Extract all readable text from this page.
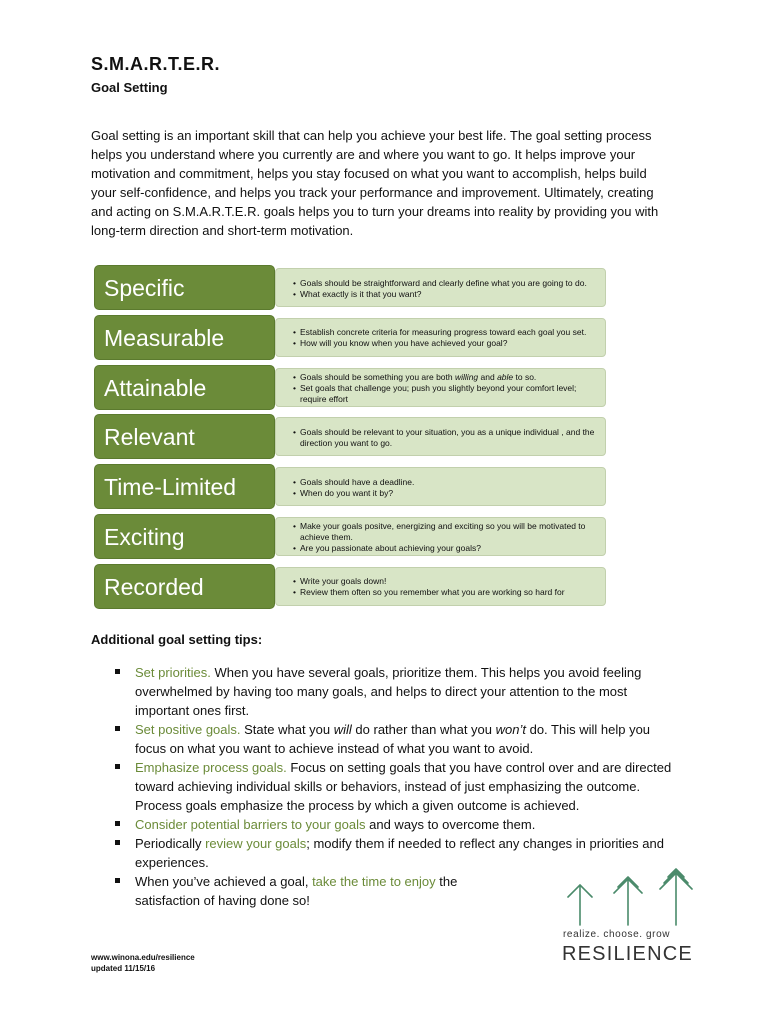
S.M.A.R.T.E.R.
Goal Setting

Goal setting is an important skill that can help you achieve your best life. The goal setting process helps you understand where you currently are and where you want to go. It helps improve your motivation and commitment, helps you stay focused on what you want to accomplish, helps build your self-confidence, and helps you track your performance and improvement. Ultimately, creating and acting on S.M.A.R.T.E.R. goals helps you to turn your dreams into reality by providing you with long-term direction and short-term motivation.

Specific	• Goals should be straightforward and clearly define what you are going to do.
• What exactly is it that you want?
Measurable	• Establish concrete criteria for measuring progress toward each goal you set.
• How will you know when you have achieved your goal?
Attainable	• Goals should be something you are both willing and able to so.
• Set goals that challenge you; push you slightly beyond your comfort level; require effort
Relevant	• Goals should be relevant to your situation, you as a unique individual , and the direction you want to go.
Time-Limited	• Goals should have a deadline.
• When do you want it by?
Exciting	• Make your goals positve, energizing and exciting so you will be motivated to achieve them.
• Are you passionate about achieving your goals?
Recorded	• Write your goals down!
• Review them often so you remember what you are working so hard for
Additional goal setting tips:
Set priorities. When you have several goals, prioritize them. This helps you avoid feeling overwhelmed by having too many goals, and helps to direct your attention to the most important ones first.
Set positive goals. State what you will do rather than what you won’t do. This will help you focus on what you want to achieve instead of what you want to avoid.
Emphasize process goals. Focus on setting goals that you have control over and are directed toward achieving individual skills or behaviors, instead of just emphasizing the outcome. Process goals emphasize the process by which a given outcome is achieved.
Consider potential barriers to your goals and ways to overcome them.
Periodically review your goals; modify them if needed to reflect any changes in priorities and experiences.
When you’ve achieved a goal, take the time to enjoy the satisfaction of having done so!
www.winona.edu/resilience
updated 11/15/16
realize. choose. grow
RESILIENCE
